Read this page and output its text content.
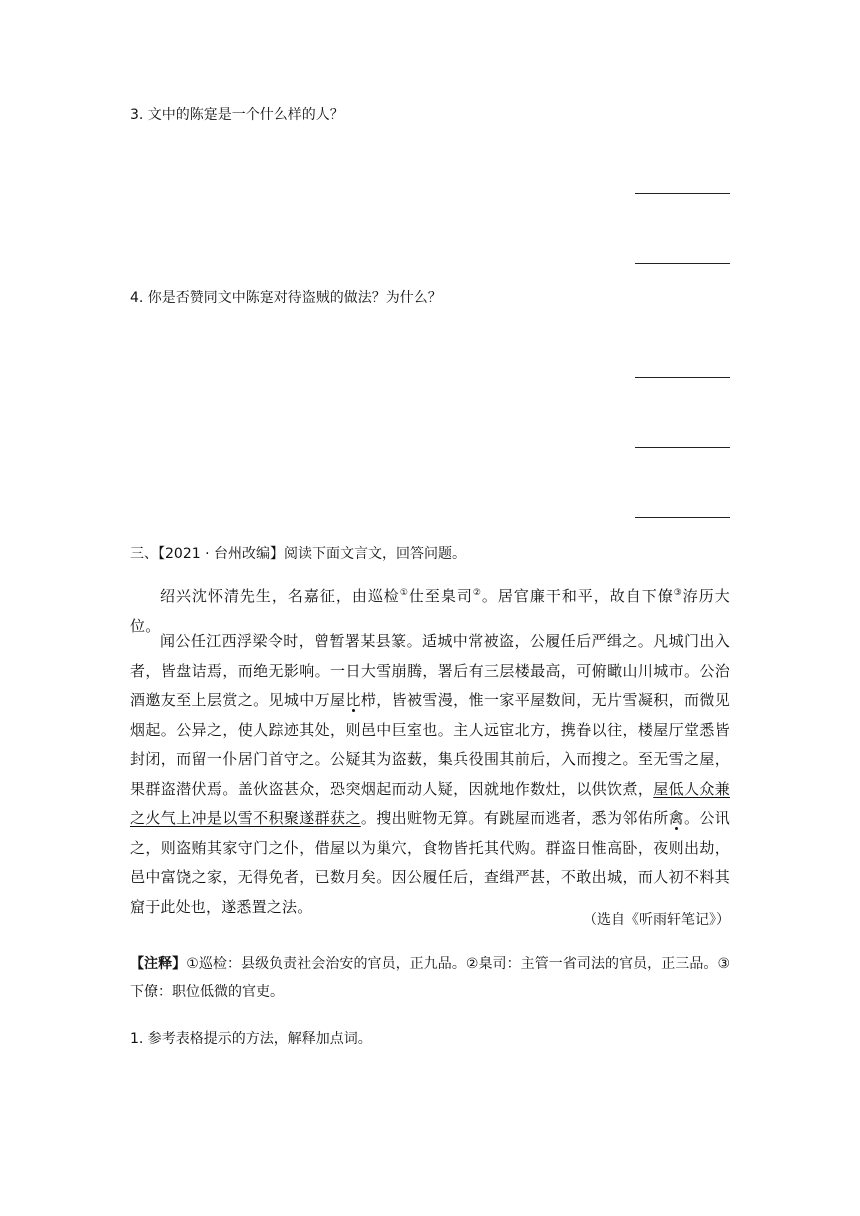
3. 文中的陈寔是一个什么样的人？
4. 你是否赞同文中陈寔对待盗贼的做法？为什么？
三、【2021 · 台州改编】阅读下面文言文，回答问题。

绍兴沈怀清先生，名嘉征，由巡检①仕至臬司②。居官廉干和平，故自下僚③洊历大位。

闻公任江西浮梁令时，曾暂署某县篆。适城中常被盗，公履任后严缉之。凡城门出入者，皆盘诘焉，而绝无影响。一日大雪崩腾，署后有三层楼最高，可俯瞰山川城市。公治酒邀友至上层赏之。见城中万屋比栉，皆被雪漫，惟一家平屋数间，无片雪凝积，而微见烟起。公异之，使人踪迹其处，则邑中巨室也。主人远宦北方，携眷以往，楼屋厅堂悉皆封闭，而留一仆居门首守之。公疑其为盗薮，集兵役围其前后，入而搜之。至无雪之屋，果群盗潜伏焉。盖伙盗甚众，恐突烟起而动人疑，因就地作数灶，以供饮煮，屋低人众兼之火气上冲是以雪不积聚遂群获之。搜出赃物无算。有跳屋而逃者，悉为邻佑所禽。公讯之，则盗贿其家守门之仆，借屋以为巢穴，食物皆托其代购。群盗日惟高卧，夜则出劫，邑中富饶之家，无得免者，已数月矣。因公履任后，查缉严甚，不敢出城，而人初不料其窟于此处也，遂悉置之法。

（选自《听雨轩笔记》）
【注释】①巡检：县级负责社会治安的官员，正九品。②臬司：主管一省司法的官员，正三品。③下僚：职位低微的官吏。
1. 参考表格提示的方法，解释加点词。
